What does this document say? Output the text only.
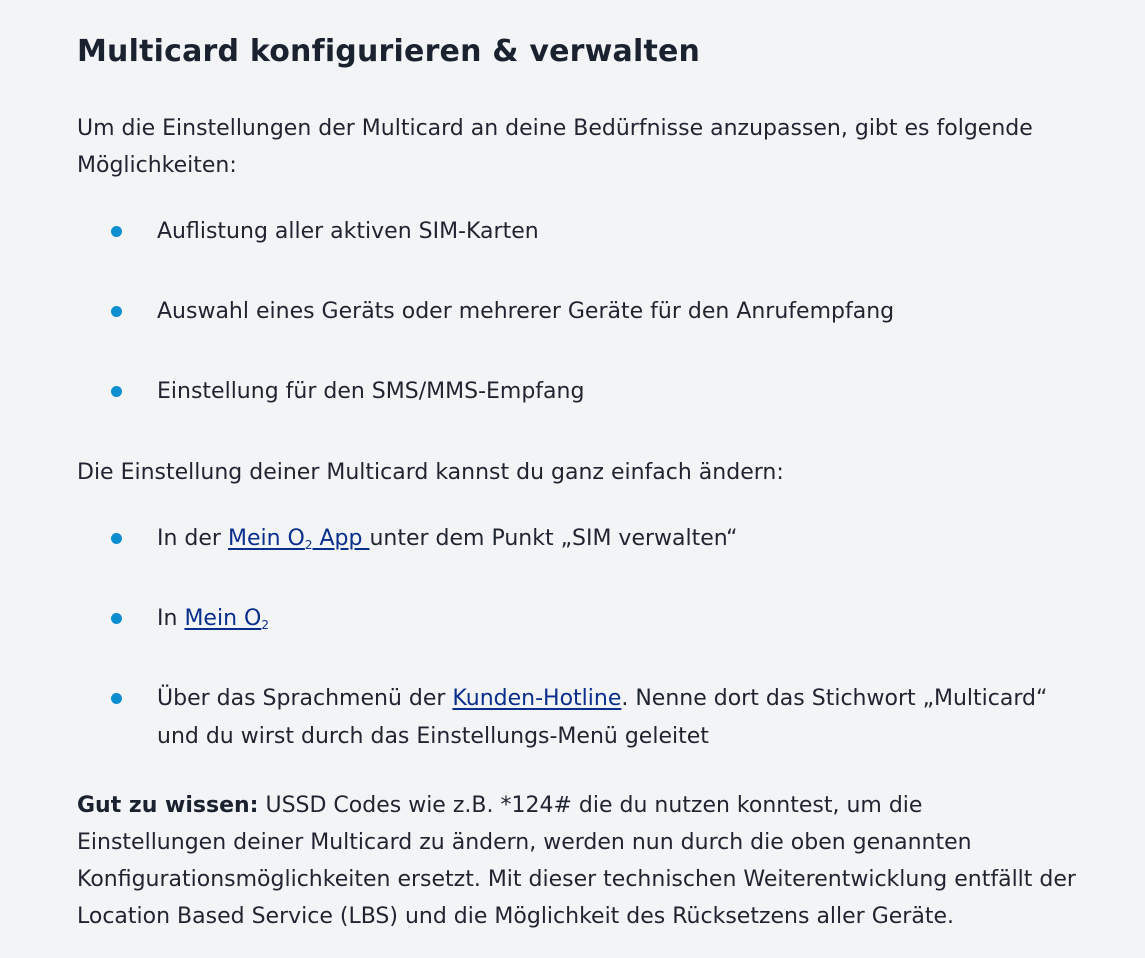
Multicard konfigurieren & verwalten

Um die Einstellungen der Multicard an deine Bedürfnisse anzupassen, gibt es folgende Möglichkeiten:

Auflistung aller aktiven SIM-Karten
Auswahl eines Geräts oder mehrerer Geräte für den Anrufempfang
Einstellung für den SMS/MMS-Empfang

Die Einstellung deiner Multicard kannst du ganz einfach ändern:

In der Mein $O_2$ App unter dem Punkt „SIM verwalten“
In Mein $O_2$
Über das Sprachmenü der Kunden-Hotline. Nenne dort das Stichwort „Multicard“ und du wirst durch das Einstellungs-Menü geleitet

Gut zu wissen: USSD Codes wie z.B. *124# die du nutzen konntest, um die Einstellungen deiner Multicard zu ändern, werden nun durch die oben genannten Konfigurationsmöglichkeiten ersetzt. Mit dieser technischen Weiterentwicklung entfällt der Location Based Service (LBS) und die Möglichkeit des Rücksetzens aller Geräte.
